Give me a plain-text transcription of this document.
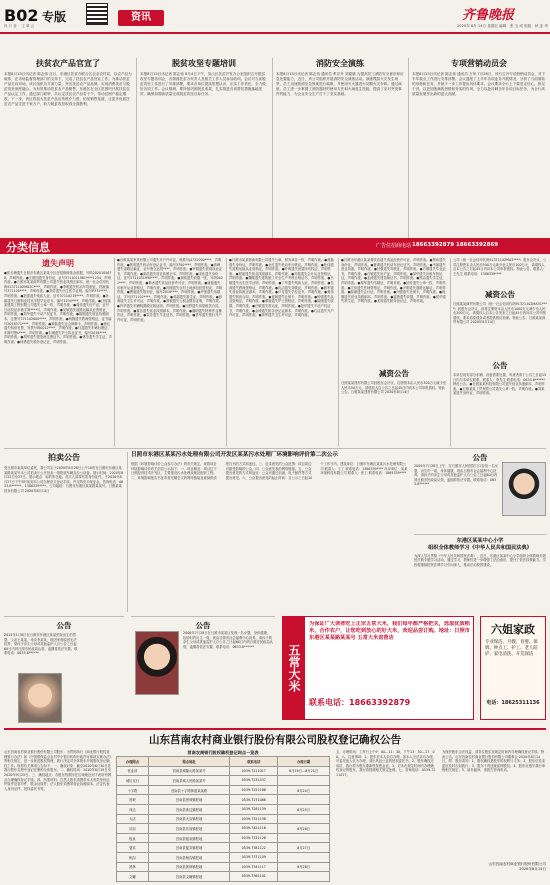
B02 专版
执 行 者 ：王 翠 云
资讯	齐鲁晚报
2020年 8月 14日 星期五 编辑：张 玉 成 组版：秋 亚 华
扶贫农产品官宣了
本报8月13日讯记者 陈志伟 近日，东港区扶贫办联合区农业农村局，以农产品为载体，在市场监督管理部门的支持下，完成了扶贫农产品官宣工作。为推动扶贫产品走向市场，该区组织各方面力量，突出扶贫农产品品牌，实现消费扶贫与脱贫攻坚深度融合。为有效推动扶贫农产品销售，东港区在全区范围内开展扶贫农产品认定工作，通过部门联审，共认定扶贫农产品若干个，带动贫困户稳定增收。下一步，该区将加大扶贫产品宣传推介力度，拓宽销售渠道，让更多优质扶贫农产品走进千家万户，助力脱贫攻坚取得全面胜利。
脱贫攻坚专题培训
本报8月13日讯记者 陈志伟 8月4日下午，岚山区扶贫开发办公室组织召开脱贫攻坚专题培训会，各街道扶贫办负责人及相关工作人员参加培训。会议对当前脱贫攻坚工作进行了安排部署，要求各单位提高思想认识，压实工作责任，全力做好各项工作。会议强调，要持续巩固脱贫成果，扎实推进各项帮扶措施落地见效，确保如期高质量完成脱贫攻坚目标任务。
消防安全演练
本报8月13日讯记者 陈志伟 通讯员 牟宗升 刘德晓 为提高员工消防安全意识和应急处置能力，近日，该公司组织开展消防安全演练活动。演练模拟火灾发生场景，员工迅速按照应急预案进行疏散，并使用灭火器进行初期火灾扑救。通过演练，员工进一步掌握了消防器材的使用方法和火场逃生技能，提高了应对突发事件的能力，为企业安全生产打下了坚实基础。
专项营销动员会
本报8月13日讯记者 陈志伟 通讯员 万荣 7月28日，该行召开专项营销动员会，对下半年重点工作进行安排部署。会议通报了上半年各项业务开展情况，分析了当前面临的形势和任务，并就下一步工作提出具体要求。会议要求全行上下要坚定信心，鼓足干劲，以更加饱满的热情和务实的作风，全力以赴冲刺全年各项目标任务，为全行高质量发展作出新的更大贡献。
分类信息	广告位招商电话 18663392879 18663392869
遗失声明
●张玉梅遗失日照市东港区某某小区房屋维修基金收据，号码2020105678，声明作废。●王建国遗失身份证，证号3711021981****1234，声明作废。●日照市某某商贸有限公司遗失营业执照正副本，统一社会信用代码91371102MA3C****，声明作废。●李明遗失机动车驾驶证，档案编号371100****，声明作废。●刘芳遗失出生医学证明，编号P371****，声明作废。●赵强遗失残疾人证，证号37110219****，声明作废。●孙丽遗失日照职业技术学院毕业证书，编号1234****，声明作废。●日照某某建筑工程有限公司遗失公章一枚，声明作废。●周伟遗失房产证，证号日房权证东港字第****号，声明作废。●吴敏遗失道路运输从业资格证，声明作废。●郑华遗失不动产权证书，声明作废。●陈刚遗失营业执照副本，注册号371102600****，声明作废。●杨静遗失教师资格证，证书编号2018371****，声明作废。●黄磊遗失社会保障卡，声明作废。●徐红遗失购房发票，发票号码0012****，声明作废。●马超遗失车辆行驶证，车牌号鲁L****，声明作废。●朱琳遗失护士执业证书，编号2016****，声明作废。●胡军遗失建造师注册证书，声明作废。●林芳遗失学生证，声明作废。●何勇遗失税务登记证，声明作废。
●日照某某家具有限公司遗失开户许可证，核准号J4732000****，声明作废。●郭明遗失机动车登记证书，编号3700****，声明作废。●高峰遗失道路运输证，证号鲁交运管****，声明作废。●罗娟遗失医师执业证书，声明作废。●梁浩遗失营业执照正本，声明作废。●宋佳遗失身份证，证号3711031990****，声明作废。●谢伟遗失收据一张，号码0021****，声明作废。●韩冰遗失食品经营许可证，声明作废。●唐磊遗失出租车从业资格证，声明作废。●冯刚遗失农村土地承包经营权证，声明作废。●曹丽遗失报到证，编号2018****，声明作废。●许强遗失结婚证，字号J371102****，声明作废。●邓超遗失准生证，声明作废。●彭涛遗失卫生许可证，声明作废。●曾敏遗失公积金缴存证明，声明作废。●肖华遗失车辆购置税完税证明，声明作废。●田野遗失房屋租赁合同，声明作废。●董洁遗失营业执照副本，声明作废。●潘明遗失特种作业操作证，声明作废。●袁芳遗失毕业证书，声明作废。●蔡军遗失银行开户许可证，声明作废。
●日照市某某物流有限公司遗失公章、财务章各一枚，声明作废。●蒋磊遗失身份证，声明作废。●余红遗失机动车行驶证，声明作废。●杜伟遗失道路运输从业资格证，声明作废。●叶明遗失房屋所有权证，声明作废。●程丽遗失营业执照副本，声明作废。●苏强遗失会计从业资格证，声明作废。●魏刚遗失建筑施工安全生产考核合格证书，声明作废。●吕敏遗失出生医学证明，声明作废。●丁华遗失残疾人证，声明作废。●任涛遗失教师资格证，声明作废。●沈洁遗失驾驶证，声明作废。●姚军遗失营业执照正副本，声明作废。●卢芳遗失学位证书，声明作废。●姜伟遗失购房合同，声明作废。●崔明遗失社保卡，声明作废。●钟强遗失从业资格证，声明作废。●谭丽遗失护士资格证，声明作废。●陆刚遗失收据，声明作废。●汪敏遗失准运证，声明作废。●范华遗失不动产权证书，声明作废。●金涛遗失税务登记证副本，声明作废。●石洁遗失开户许可证，声明作废。●廖军遗失卫生许可证，声明作废。
●日照市东港区某某餐饮店遗失食品经营许可证，声明作废。●贾伟遗失身份证，声明作废。●夏明遗失机动车登记证书，声明作废。●韦丽遗失营业执照，声明作废。●付强遗失驾驶证，声明作废。●方刚遗失毕业证书，声明作废。●白敏遗失房产证，声明作废。●邹华遗失出租车营运证，声明作废。●孟涛遗失建造师证书，声明作废。●熊洁遗失学生证，声明作废。●秦军遗失结婚证，声明作废。●邱芳遗失公章一枚，声明作废。●江伟遗失医师资格证，声明作废。●尹明遗失道路运输证，声明作废。●薛丽遗失会计证，声明作废。●闫强遗失社保卡，声明作废。●段刚遗失营业执照副本，声明作废。●雷敏遗失收据，声明作废。●侯华遗失准生证，声明作废。●龙涛遗失税务登记证，声明作废。
减资公告
日照某某建材有限公司经股东会决议，注册资本由人民币300万元减少至人民币50万元，请债权人自公告之日起45日内向本公司申报债权。特此公告。日照某某建材有限公司 2020年8月14日
公司（统一社会信用代码91371102MA3****）股东会决议，公司注册资本由人民币500万元减少至人民币100万元，请债权人自本公告之日起45日内向本公司申报债权。特此公告。联系人：王先生 联系电话：1386339****
减资公告
日照某某商贸有限公司（统一社会信用代码91371102MA3C****）经股东会决议，拟将注册资本由人民币1000万元减少至人民币200万元。请债权人自本公告发布之日起45日内向本公司申报债权，要求清偿债务或者提供相应担保。特此公告。日照某某商贸有限公司 2020年8月14日
公告
本单位现有部分车辆、设备需要处置，有意者请于公告之日起15日内与本单位联系。联系人：李先生 联系电话：0633-8****** 特此公告。●日照某某科技有限公司遗失营业执照副本，声明作废。●日照某某工贸有限公司遗失公章一枚，声明作废。●刘某某遗失身份证，声明作废。
拍卖公告
受日照市某某单位委托，我公司定于2020年8月28日上午10时在日照市东港区某某路某某号本公司拍卖厅公开拍卖一批报废车辆及办公设备。展示时间：2020年8月25日至27日。展示地点：标的所在地。竞买人须持有效身份证件，于2020年8月27日下午5时前到本公司办理竞买登记手续，并交纳竞买保证金。咨询电话：0633-8******、1386339****。公司地址：日照市东港区某某路某某号。日照某某拍卖有限公司 2020年8月14日
日照市东港区某某污水处理有限公司开发区某某污水处理厂环境影响评价第二次公示
根据《环境影响评价公众参与办法》的有关规定，现将项目环境影响评价有关信息公示如下：一、项目概况：项目位于日照经济技术开发区，主要建设污水处理设施及配套工程。二、环境影响报告书征求意见稿全文的网络链接及查阅纸质报告书的方式和途径。三、征求意见的公众范围：项目周边可能受影响的公众。四、公众意见表的网络链接。五、公众提出意见的方式和途径：公众可通过信函、电子邮件等方式提出意见。六、公众提出意见的起止时间：自公示之日起10个工作日内。建设单位：日照市东港区某某污水处理有限公司 联系人：王工 联系电话：1386339**** 环评单位：某某环境科技有限公司 联系人：张工 联系电话：1865339****
公告
2015年1月8日在日照市东港区某某医院出生的男婴，父亲王某某，母亲李某某，现因家庭原因无法抚养，望孩子亲生父母或其他监护人自公告之日起60日内到日照市民政局认领，逾期将依法安置。联系电话：0633-8******
公告
2006年7月28日在日照市某某区发现一名女婴，身体健康，捡拾时约出生一周，现由日照市社会福利中心抚养，请孩子的亲生父母或其他监护人自公告之日起60日内到日照市民政局认领，逾期将依法安置。联系电话：0633-8******
公告
2009年7月28日上午，在日照市人民医院门口捡拾一名女婴，出生约一周，身体健康，现由日照市社会福利中心抚养。请孩子的亲生父母或其他监护人自公告之日起60日内到日照市民政局认领，逾期将依法安置。联系电话：0633-8******
东港区某某中心小学
组织全体教师学习《中华人民共和国民法典》
为深入学习贯彻《中华人民共和国民法典》，近日，东港区某某中心小学组织全体教师开展民法典专题学习活动。通过学习，教师们进一步增强了法治意识，提升了依法执教能力。学校将继续把民法典学习引向深入，推动法治校园建设。
五常大米
为保证广大读者吃上正宗五常大米，我们每年都严格把关，选取优质稻米，合作农户，让您吃到放心的好大米，欢迎品尝订购。地址：日照市东港区某某路某某号 五常大米直营店
联系电话：18663392879
六姐家政
专业保洁、月嫂、育婴、保姆、钟点工、护工、老人陪护、家电清洗、开荒保洁
电话：18625311136
山东莒南农村商业银行股份有限公司股权登记确权公告
山东莒南农村商业银行股份有限公司股东：为贯彻执行《商业银行股权管理暂行办法》和《中国银保监会农村中小银行机构行政许可事项实施办法》等相关规定，进一步规范股权管理，我行决定对全体股东开展股权登记确权工作。现将有关事项公告如下：一、确权对象：截至2020年6月30日在我行股东名册中登记在册的全体股东。二、确权时间：2020年8月19日至2020年9月25日。三、确权地点：各股东按照所在区域就近到下表所列网点办理确权登记手续。四、所需材料：自然人股东须携带本人有效身份证件原件及复印件、股金证原件；法人股东须携带营业执照副本、法定代表人身份证件、授权委托书等。
莒南农商银行股权确权登记网点一览表
办理网点	网点地址	联系电话	办理日期
营业部	莒南县城隆山路某某号	0539-7211017	8月19日—8月21日
城区支行	莒南县城人民路某某号	0539-7231437	
十字路	莒南县十字路街道某某路	0539-7251188	8月24日
涝坡	莒南县涝坡镇驻地	0539-7271066	
洙边	莒南县洙边镇驻地	0539-7281159	8月25日
大店	莒南县大店镇驻地	0539-7321158	
坊前	莒南县坊前镇驻地	0539-7421116	8月26日
板泉	莒南县板泉镇驻地	0539-7311128	
筵宾	莒南县筵宾镇驻地	0539-7381122	8月27日
相沟	莒南县相沟镇驻地	0539-7371109	
团林	莒南县团林镇驻地	0539-7341117	8月28日
文疃	莒南县文疃镇驻地	0539-7361101	
五、办理时间：工作日上午9：00—11：30，下午13：30—17：00。六、注意事项：1、股东应本人亲自办理，如本人无法亲自办理，可委托他人代为办理，须出具经公证的授权委托书。2、股东确权完成后，我行将为股东重新核发股金证。3、对未在规定时间内办理确权登记的股东，我行将按照相关规定处理。七、咨询电话：0539-7211017。
为保护股东合法权益，请各位股东在规定时间内办理确权登记手续。特此公告。山东莒南农村商业银行股份有限公司董事会 2020年8月14日。附：股东须知：1、股权确权是股东的权利与义务；2、股东信息变更应及时告知我行；3、股东不得违规质押股权；4、股东应遵守我行章程相关规定；5、如有疑问，请拨打咨询电话。
山东莒南农村商业银行股份有限公司
2020年8月14日
